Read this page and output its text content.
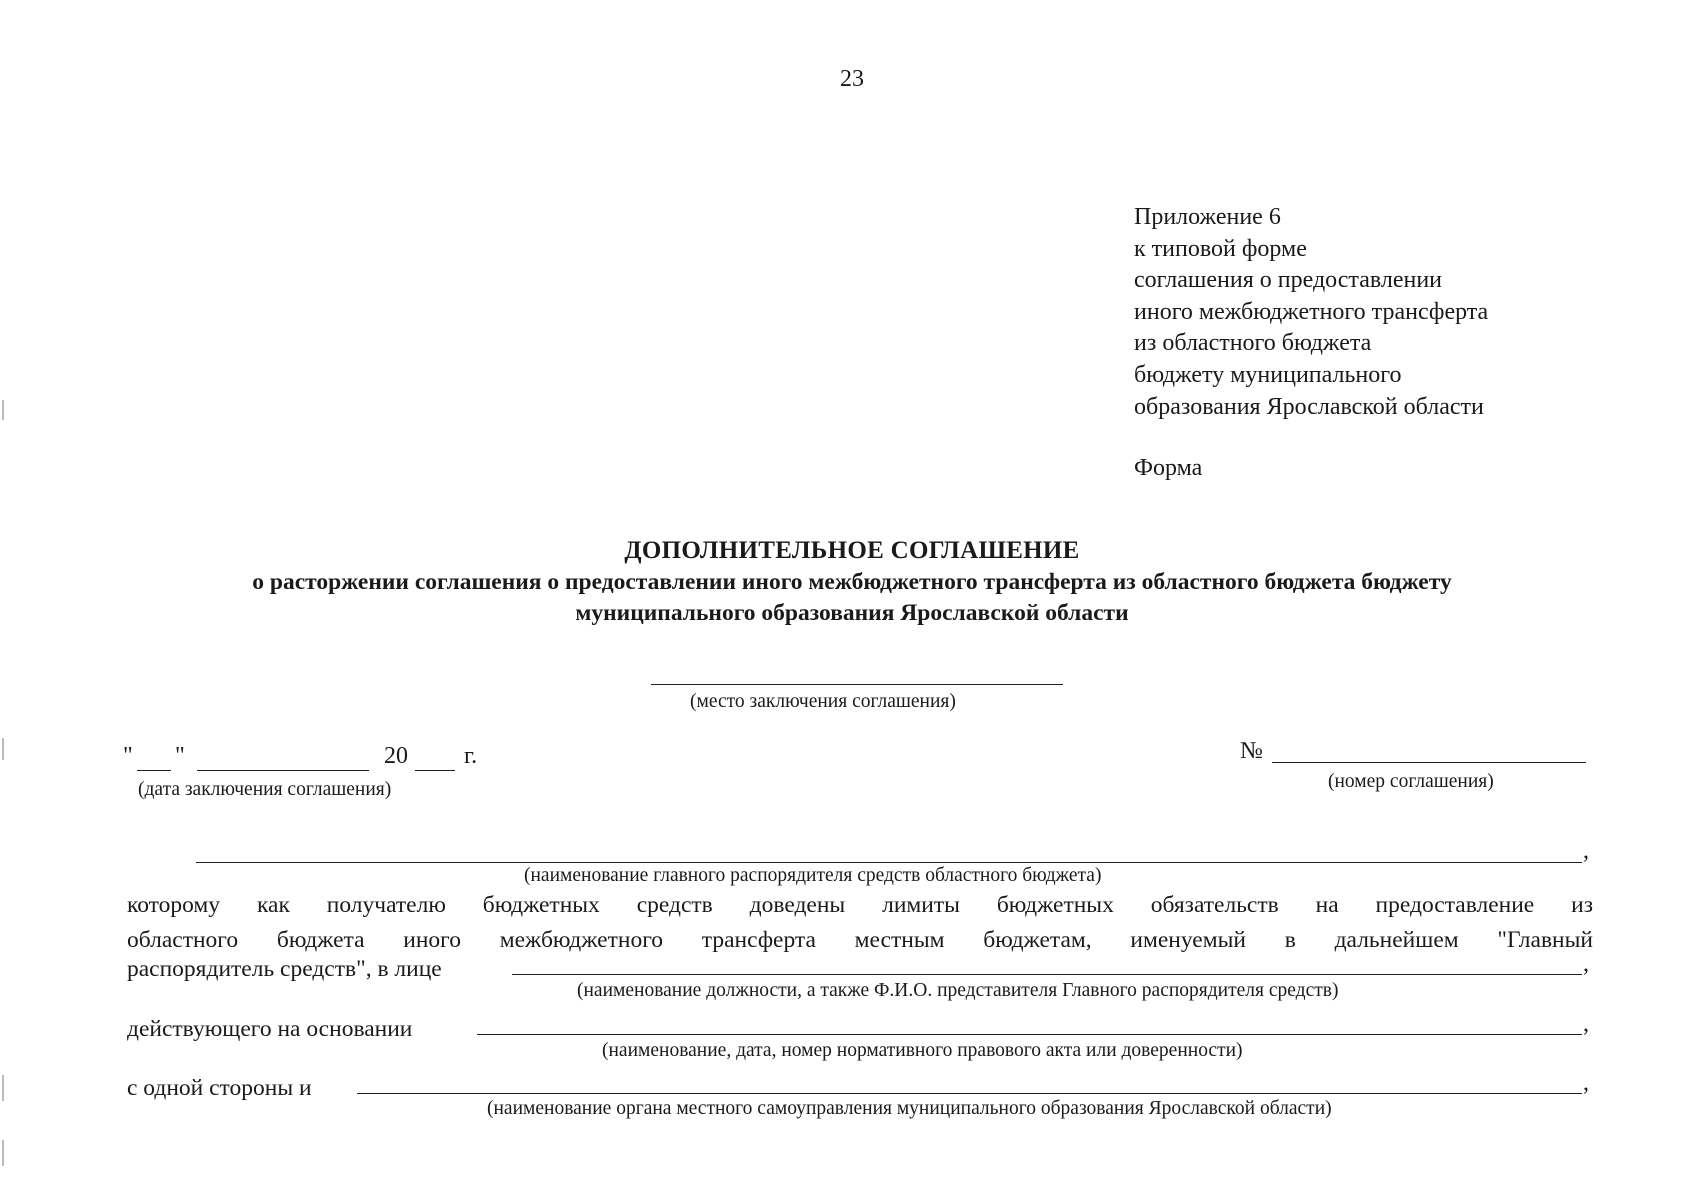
23
Приложение 6
к типовой форме
соглашения о предоставлении
иного межбюджетного трансферта
из областного бюджета
бюджету муниципального
образования Ярославской области
Форма
ДОПОЛНИТЕЛЬНОЕ СОГЛАШЕНИЕ
о расторжении соглашения о предоставлении иного межбюджетного трансферта из областного бюджета бюджету
муниципального образования Ярославской области
(место заключения соглашения)
" "	20 г.
(дата заключения соглашения)
№
(номер соглашения)
,
(наименование главного распорядителя средств областного бюджета)
которому как получателю бюджетных средств доведены лимиты бюджетных обязательств на предоставление из
областного бюджета иного межбюджетного трансферта местным бюджетам, именуемый в дальнейшем "Главный
распорядитель средств", в лице	,
(наименование должности, а также Ф.И.О. представителя Главного распорядителя средств)
действующего на основании	,
(наименование, дата, номер нормативного правового акта или доверенности)
с одной стороны и	,
(наименование органа местного самоуправления муниципального образования Ярославской области)
